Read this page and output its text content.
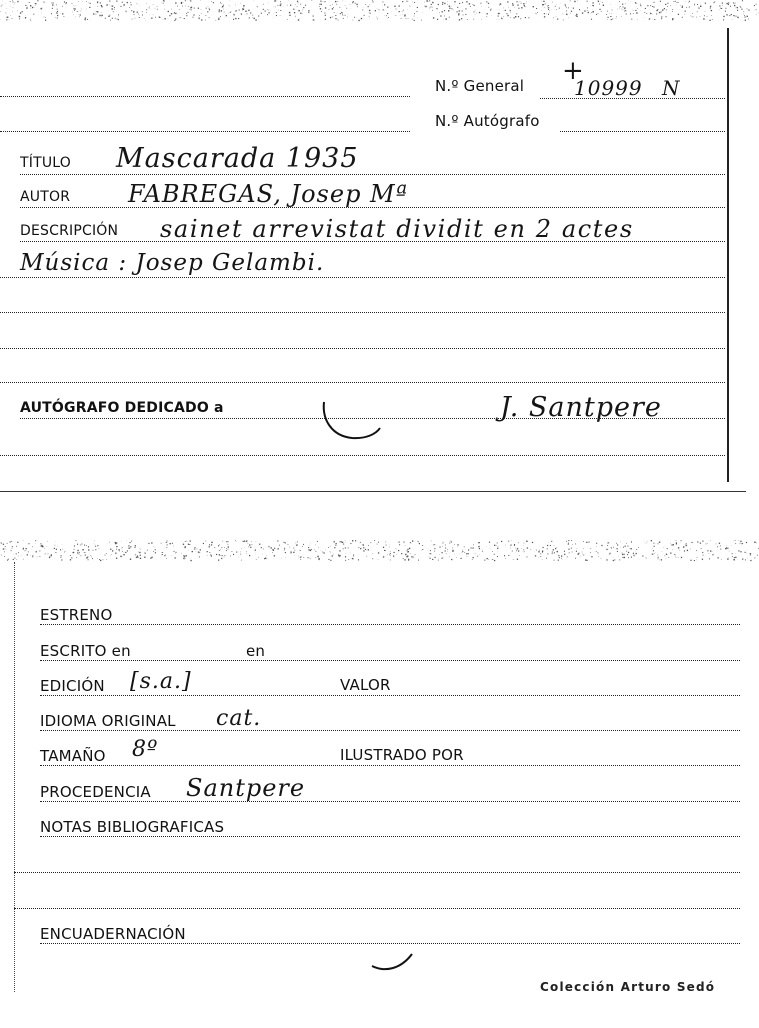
N.º General +
10999 N
N.º Autógrafo
TÍTULO Mascarada 1935
AUTOR FABREGAS, Josep Mª
DESCRIPCIÓN sainet arrevistat dividit en 2 actes
Música : Josep Gelambi.
AUTÓGRAFO DEDICADO a	J. Santpere
ESTRENO
ESCRITO en	en
EDICIÓN [s.a.]	VALOR
IDIOMA ORIGINAL cat.
TAMAÑO 8º	ILUSTRADO POR
PROCEDENCIA Santpere
NOTAS BIBLIOGRAFICAS
ENCUADERNACIÓN
Colección Arturo Sedó
